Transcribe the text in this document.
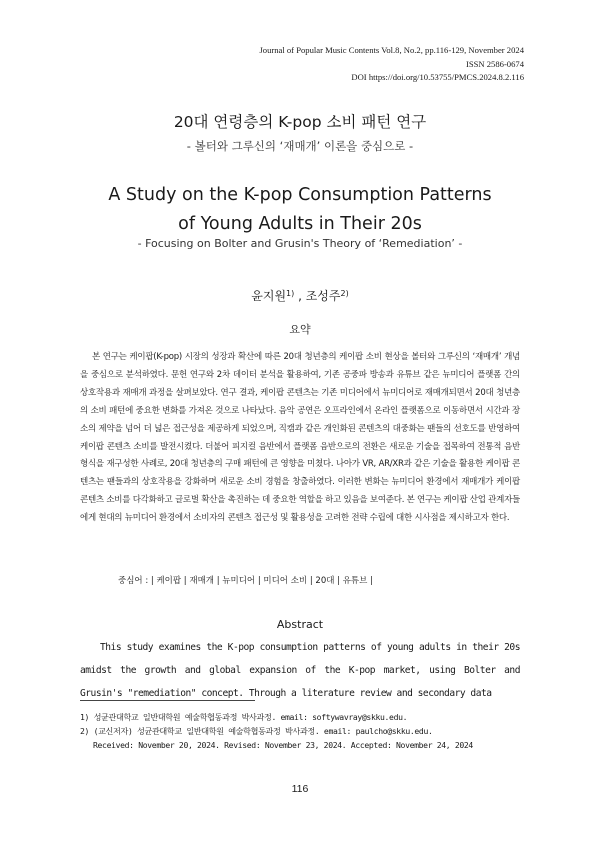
Journal of Popular Music Contents Vol.8, No.2, pp.116-129, November 2024
ISSN 2586-0674
DOI https://doi.org/10.53755/PMCS.2024.8.2.116
20대 연령층의 K-pop 소비 패턴 연구
- 볼터와 그루신의 ‘재매개’ 이론을 중심으로 -
A Study on the K-pop Consumption Patterns
of Young Adults in Their 20s
- Focusing on Bolter and Grusin's Theory of ‘Remediation’ -
윤지원$^{1)}$ , 조성주$^{2)}$
요약

본 연구는 케이팝(K-pop) 시장의 성장과 확산에 따른 20대 청년층의 케이팝 소비 현상을 볼터와 그루신의 ‘재매개’ 개념을 중심으로 분석하였다. 문헌 연구와 2차 데이터 분석을 활용하여, 기존 공중파 방송과 유튜브 같은 뉴미디어 플랫폼 간의 상호작용과 재매개 과정을 살펴보았다. 연구 결과, 케이팝 콘텐츠는 기존 미디어에서 뉴미디어로 재매개되면서 20대 청년층의 소비 패턴에 중요한 변화를 가져온 것으로 나타났다. 음악 공연은 오프라인에서 온라인 플랫폼으로 이동하면서 시간과 장소의 제약을 넘어 더 넓은 접근성을 제공하게 되었으며, 직캠과 같은 개인화된 콘텐츠의 대중화는 팬들의 선호도를 반영하여 케이팝 콘텐츠 소비를 발전시켰다. 더불어 피지컬 음반에서 플랫폼 음반으로의 전환은 새로운 기술을 접목하여 전통적 음반 형식을 재구성한 사례로, 20대 청년층의 구매 패턴에 큰 영향을 미쳤다. 나아가 VR, AR/XR과 같은 기술을 활용한 케이팝 콘텐츠는 팬들과의 상호작용을 강화하며 새로운 소비 경험을 창출하였다. 이러한 변화는 뉴미디어 환경에서 재매개가 케이팝 콘텐츠 소비를 다각화하고 글로벌 확산을 촉진하는 데 중요한 역할을 하고 있음을 보여준다. 본 연구는 케이팝 산업 관계자들에게 현대의 뉴미디어 환경에서 소비자의 콘텐츠 접근성 및 활용성을 고려한 전략 수립에 대한 시사점을 제시하고자 한다.

중심어 : | 케이팝 | 재매개 | 뉴미디어 | 미디어 소비 | 20대 | 유튜브 |
Abstract

This study examines the K-pop consumption patterns of young adults in their 20s amidst the growth and global expansion of the K-pop market, using Bolter and Grusin's "remediation" concept. Through a literature review and secondary data

1) 성균관대학교 일반대학원 예술학협동과정 박사과정. email: softywavray@skku.edu.
2) (교신저자) 성균관대학교 일반대학원 예술학협동과정 박사과정. email: paulcho@skku.edu.
Received: November 20, 2024. Revised: November 23, 2024. Accepted: November 24, 2024
116
